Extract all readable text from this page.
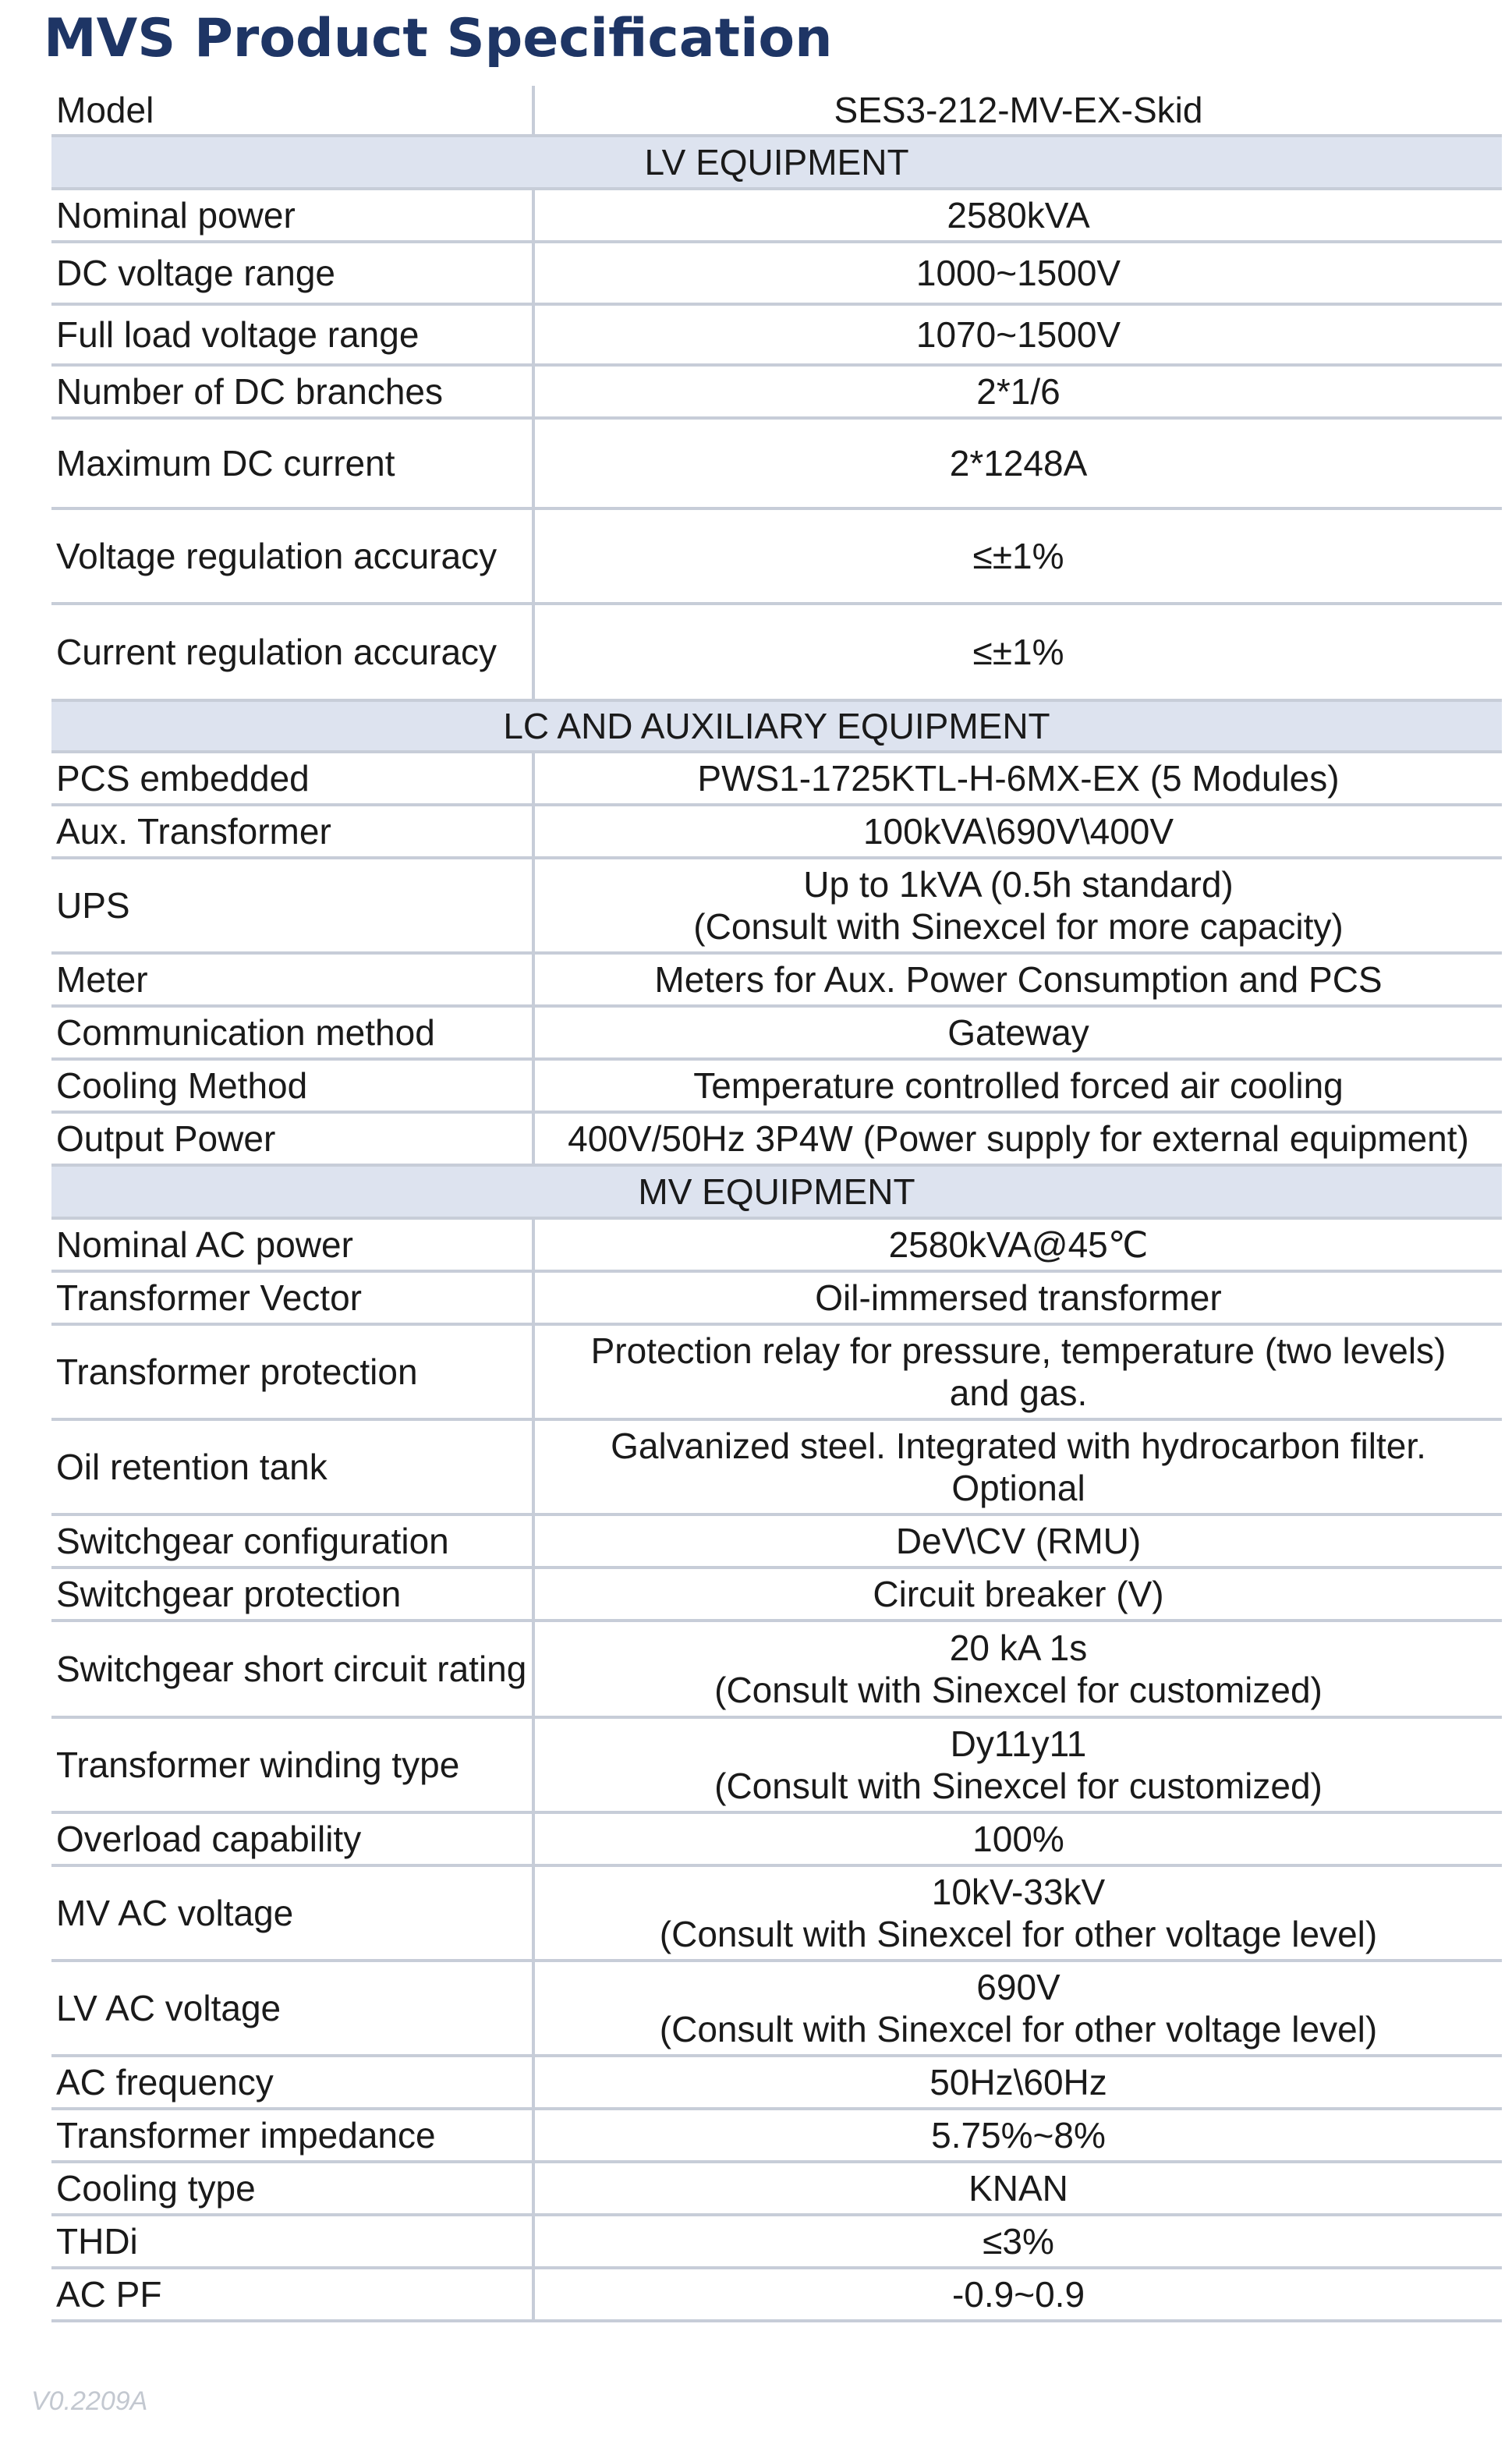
MVS Product Specification
Model	SES3-212-MV-EX-Skid
LV EQUIPMENT	
Nominal power	2580kVA
DC voltage range	1000~1500V
Full load voltage range	1070~1500V
Number of DC branches	2*1/6
Maximum DC current	2*1248A
Voltage regulation accuracy	≤±1%
Current regulation accuracy	≤±1%
LC AND AUXILIARY EQUIPMENT	
PCS embedded	PWS1-1725KTL-H-6MX-EX (5 Modules)
Aux. Transformer	100kVA\690V\400V
UPS	Up to 1kVA (0.5h standard)
(Consult with Sinexcel for more capacity)
Meter	Meters for Aux. Power Consumption and PCS
Communication method	Gateway
Cooling Method	Temperature controlled forced air cooling
Output Power	400V/50Hz 3P4W (Power supply for external equipment)
MV EQUIPMENT	
Nominal AC power	2580kVA@45℃
Transformer Vector	Oil-immersed transformer
Transformer protection	Protection relay for pressure, temperature (two levels)
and gas.
Oil retention tank	Galvanized steel. Integrated with hydrocarbon filter.
Optional
Switchgear configuration	DeV\CV (RMU)
Switchgear protection	Circuit breaker (V)
Switchgear short circuit rating	20 kA 1s
(Consult with Sinexcel for customized)
Transformer winding type	Dy11y11
(Consult with Sinexcel for customized)
Overload capability	100%
MV AC voltage	10kV-33kV
(Consult with Sinexcel for other voltage level)
LV AC voltage	690V
(Consult with Sinexcel for other voltage level)
AC frequency	50Hz\60Hz
Transformer impedance	5.75%~8%
Cooling type	KNAN
THDi	≤3%
AC PF	-0.9~0.9
V0.2209A
